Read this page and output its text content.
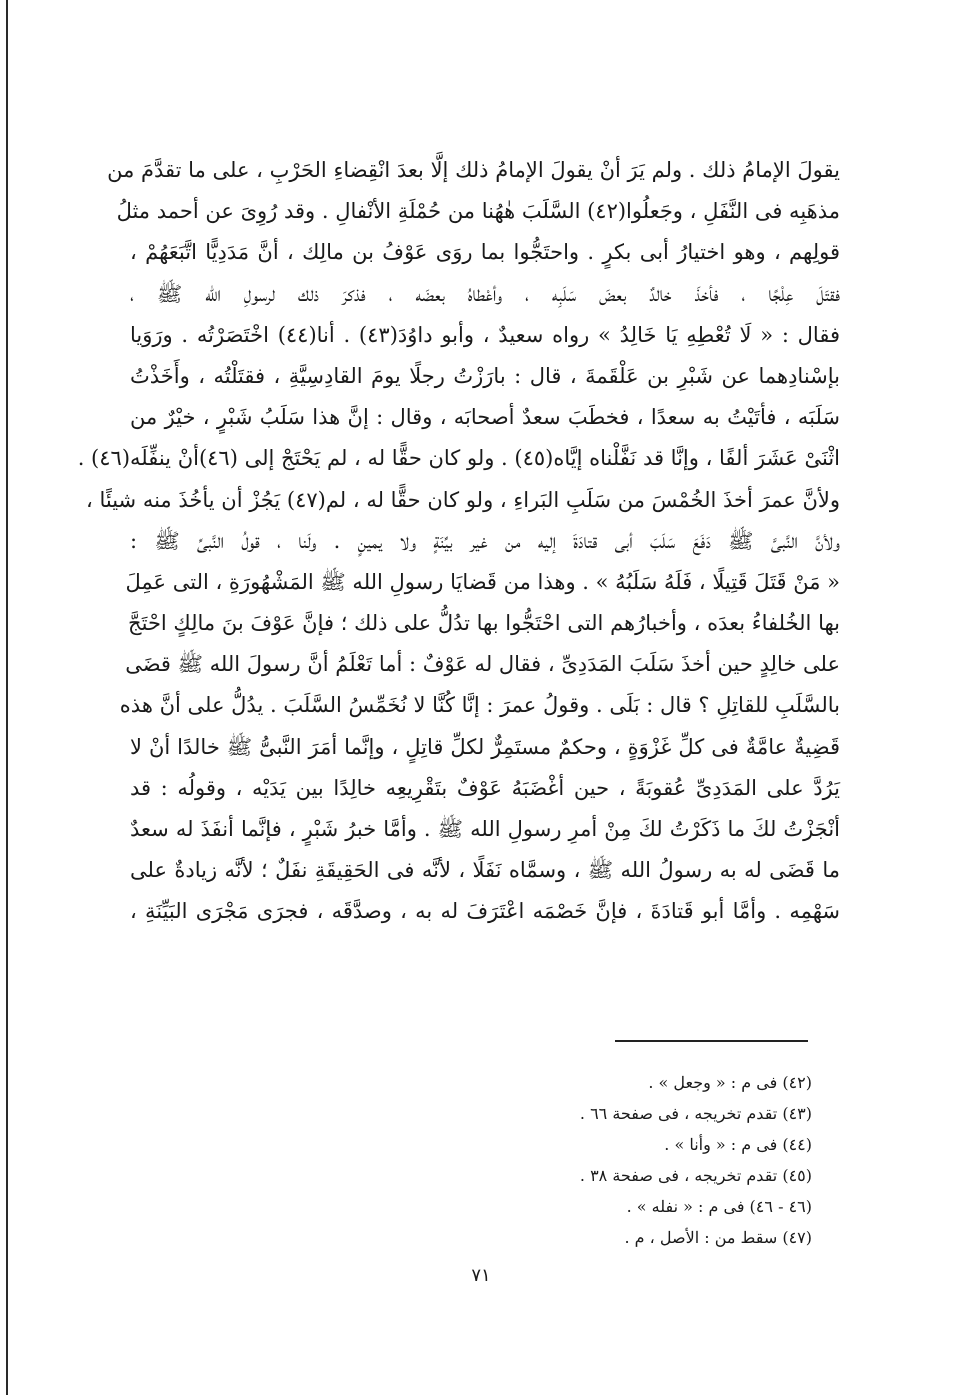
يقولَ الإمامُ ذلك . ولم يَرَ أنْ يقولَ الإمامُ ذلك إلَّا بعدَ انْقِضاءِ الحَرْبِ ، على ما تقدَّمَ من
مذهَبِه فى النَّفَلِ ، وجَعلُوا(٤٢) السَّلَبَ هٰهُنا من حُمْلَةِ الأنْفالِ . وقد رُوِىَ عن أحمد مثلُ
قولِهم ، وهو اختيارُ أبى بكرٍ . واحتَجُّوا بما روَى عَوْفُ بن مالِك ، أنَّ مَدَدِيًّا اتَّبَعَهُمْ ،
فقتَلَ عِلْجًا ، فأخذَ خالدٌ بعضَ سَلَبِه ، وأعْطاهُ بعضَه ، فذكرَ ذلك لرسولِ الله ﷺ ،
فقال : « لَا تُعْطِهِ يَا خَالِدُ » رواه سعيدٌ ، وأبو داوُدَ(٤٣) . أنا(٤٤) اخْتَصَرْتُه . ورَوَيا
بإسْنادِهما عن شَبْرِ بن عَلْقَمةَ ، قال : بارَزْتُ رجلًا يومَ القادِسِيَّةِ ، فقتَلْتُه ، وأَخَذْتُ
سَلَبَه ، فأتَيْتُ به سعدًا ، فخطَبَ سعدٌ أصحابَه ، وقال : إنَّ هذا سَلَبُ شَبْرٍ ، خيْرٌ من
اثْنَىْ عَشَرَ ألفًا ، وإنَّا قد نَفَّلْناه إيَّاه(٤٥) . ولو كان حقًّا له ، لم يَحْتَجْ إلى (٤٦)أنْ ينفِّلَه(٤٦) .
ولأنَّ عمرَ أخذَ الخُمْسَ من سَلَبِ البَراءِ ، ولو كان حقًّا له ، لم(٤٧) يَجُزْ أن يأخُذَ منه شيئًا ،
ولأنَّ النَّبىَّ ﷺ دَفَعَ سَلَبَ أبى قتادَةَ إليه من غير بيِّنَةٍ ولا يمينٍ . ولَنا ، قولُ النَّبىِّ ﷺ :
« مَنْ قَتَلَ قَتِيلًا ، فَلَهُ سَلَبُهُ » . وهذا من قَضايَا رسولِ الله ﷺ المَشْهُورَةِ ، التى عَمِلَ
بها الخُلفاءُ بعدَه ، وأخبارُهم التى احْتَجُّوا بها تدُلُّ على ذلك ؛ فإنَّ عَوْفَ بنَ مالِكٍ احْتَجَّ
على خالِدٍ حين أخذَ سَلَبَ المَدَدِىِّ ، فقال له عَوْفٌ : أما تَعْلَمُ أنَّ رسولَ الله ﷺ قضَى
بالسَّلَبِ للقاتِلِ ؟ قال : بَلَى . وقولُ عمرَ : إنَّا كُنَّا لا نُخَمِّسُ السَّلَبَ . يدُلُّ على أنَّ هذه
قَضِيةٌ عامَّةٌ فى كلِّ غَزْوَةٍ ، وحكمٌ مستَمِرٌّ لكلِّ قاتِلٍ ، وإنَّما أمَرَ النَّبىُّ ﷺ خالدًا أنْ لا
يَرُدَّ على المَدَدِىِّ عُقوبَةً ، حين أغْضَبَهُ عَوْفٌ بتَقْرِيعِه خالِدًا بين يَدَيْه ، وقولُه : قد
أنْجَزْتُ لكَ ما ذَكَرْتُ لكَ مِنْ أمرِ رسولِ الله ﷺ . وأمَّا خبرُ شَبْرٍ ، فإنَّما أنفَذَ له سعدٌ
ما قَضَى له به رسولُ الله ﷺ ، وسمَّاه نَفَلًا ، لأنَّه فى الحَقِيقَةِ نفَلٌ ؛ لأنَّه زيادةٌ على
سَهْمِه . وأمَّا أبو قَتادَةَ ، فإنَّ خَصْمَه اعْتَرَفَ له به ، وصدَّقَه ، فجرَى مَجْرَى البَيِّنَةِ ،
(٤٢) فى م : « وجعل » .
(٤٣) تقدم تخريجه ، فى صفحة ٦٦ .
(٤٤) فى م : « وأنا » .
(٤٥) تقدم تخريجه ، فى صفحة ٣٨ .
(٤٦ - ٤٦) فى م : « نفله » .
(٤٧) سقط من : الأصل ، م .
٧١
